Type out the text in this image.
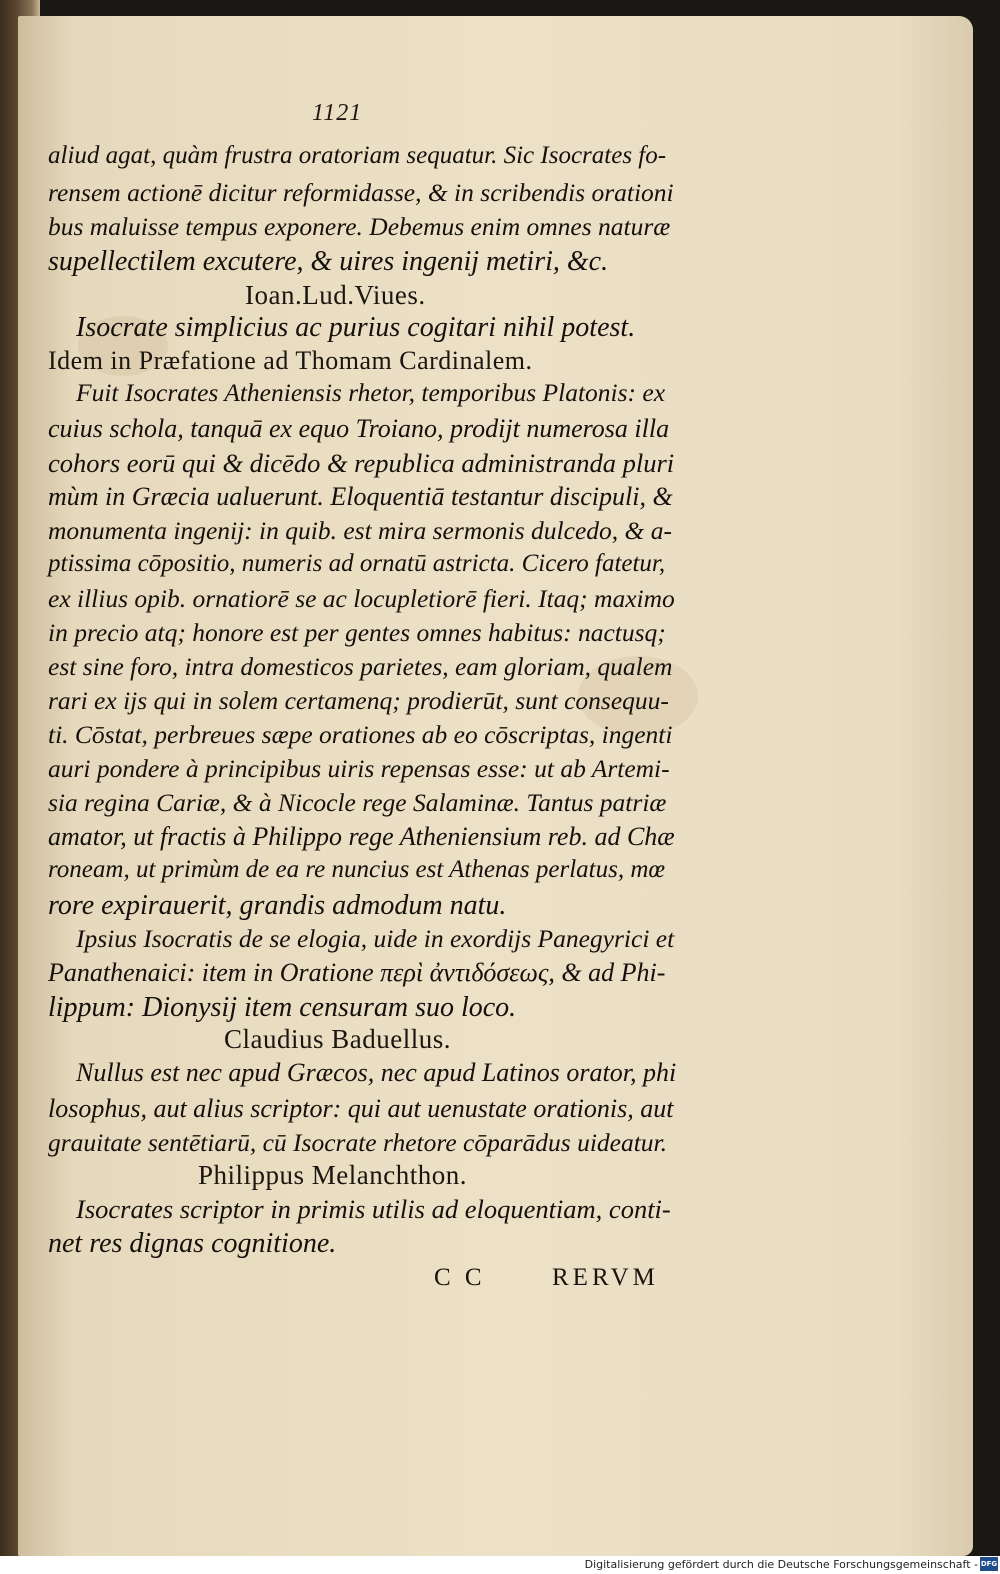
1121
aliud agat, quàm frustra oratoriam sequatur. Sic Isocrates fo-
rensem actionē dicitur reformidasse, & in scribendis orationi
bus maluisse tempus exponere. Debemus enim omnes naturæ
supellectilem excutere, & uires ingenij metiri, &c.
Ioan.Lud.Viues.
Isocrate simplicius ac purius cogitari nihil potest.
Idem in Præfatione ad Thomam Cardinalem.
Fuit Isocrates Atheniensis rhetor, temporibus Platonis: ex
cuius schola, tanquā ex equo Troiano, prodijt numerosa illa
cohors eorū qui & dicēdo & republica administranda pluri
mùm in Græcia ualuerunt. Eloquentiā testantur discipuli, &
monumenta ingenij: in quib. est mira sermonis dulcedo, & a-
ptissima cōpositio, numeris ad ornatū astricta. Cicero fatetur,
ex illius opib. ornatiorē se ac locupletiorē fieri. Itaq; maximo
in precio atq; honore est per gentes omnes habitus: nactusq;
est sine foro, intra domesticos parietes, eam gloriam, qualem
rari ex ijs qui in solem certamenq; prodierūt, sunt consequu-
ti. Cōstat, perbreues sæpe orationes ab eo cōscriptas, ingenti
auri pondere à principibus uiris repensas esse: ut ab Artemi-
sia regina Cariæ, & à Nicocle rege Salaminæ. Tantus patriæ
amator, ut fractis à Philippo rege Atheniensium reb. ad Chæ
roneam, ut primùm de ea re nuncius est Athenas perlatus, mœ
rore expirauerit, grandis admodum natu.
Ipsius Isocratis de se elogia, uide in exordijs Panegyrici et
Panathenaici: item in Oratione περὶ ἀντιδόσεως, & ad Phi-
lippum: Dionysij item censuram suo loco.
Claudius Baduellus.
Nullus est nec apud Græcos, nec apud Latinos orator, phi
losophus, aut alius scriptor: qui aut uenustate orationis, aut
grauitate sentētiarū, cū Isocrate rhetore cōparādus uideatur.
Philippus Melanchthon.
Isocrates scriptor in primis utilis ad eloquentiam, conti-
net res dignas cognitione.
C C	RERVM
Digitalisierung gefördert durch die Deutsche Forschungsgemeinschaft - DFG
